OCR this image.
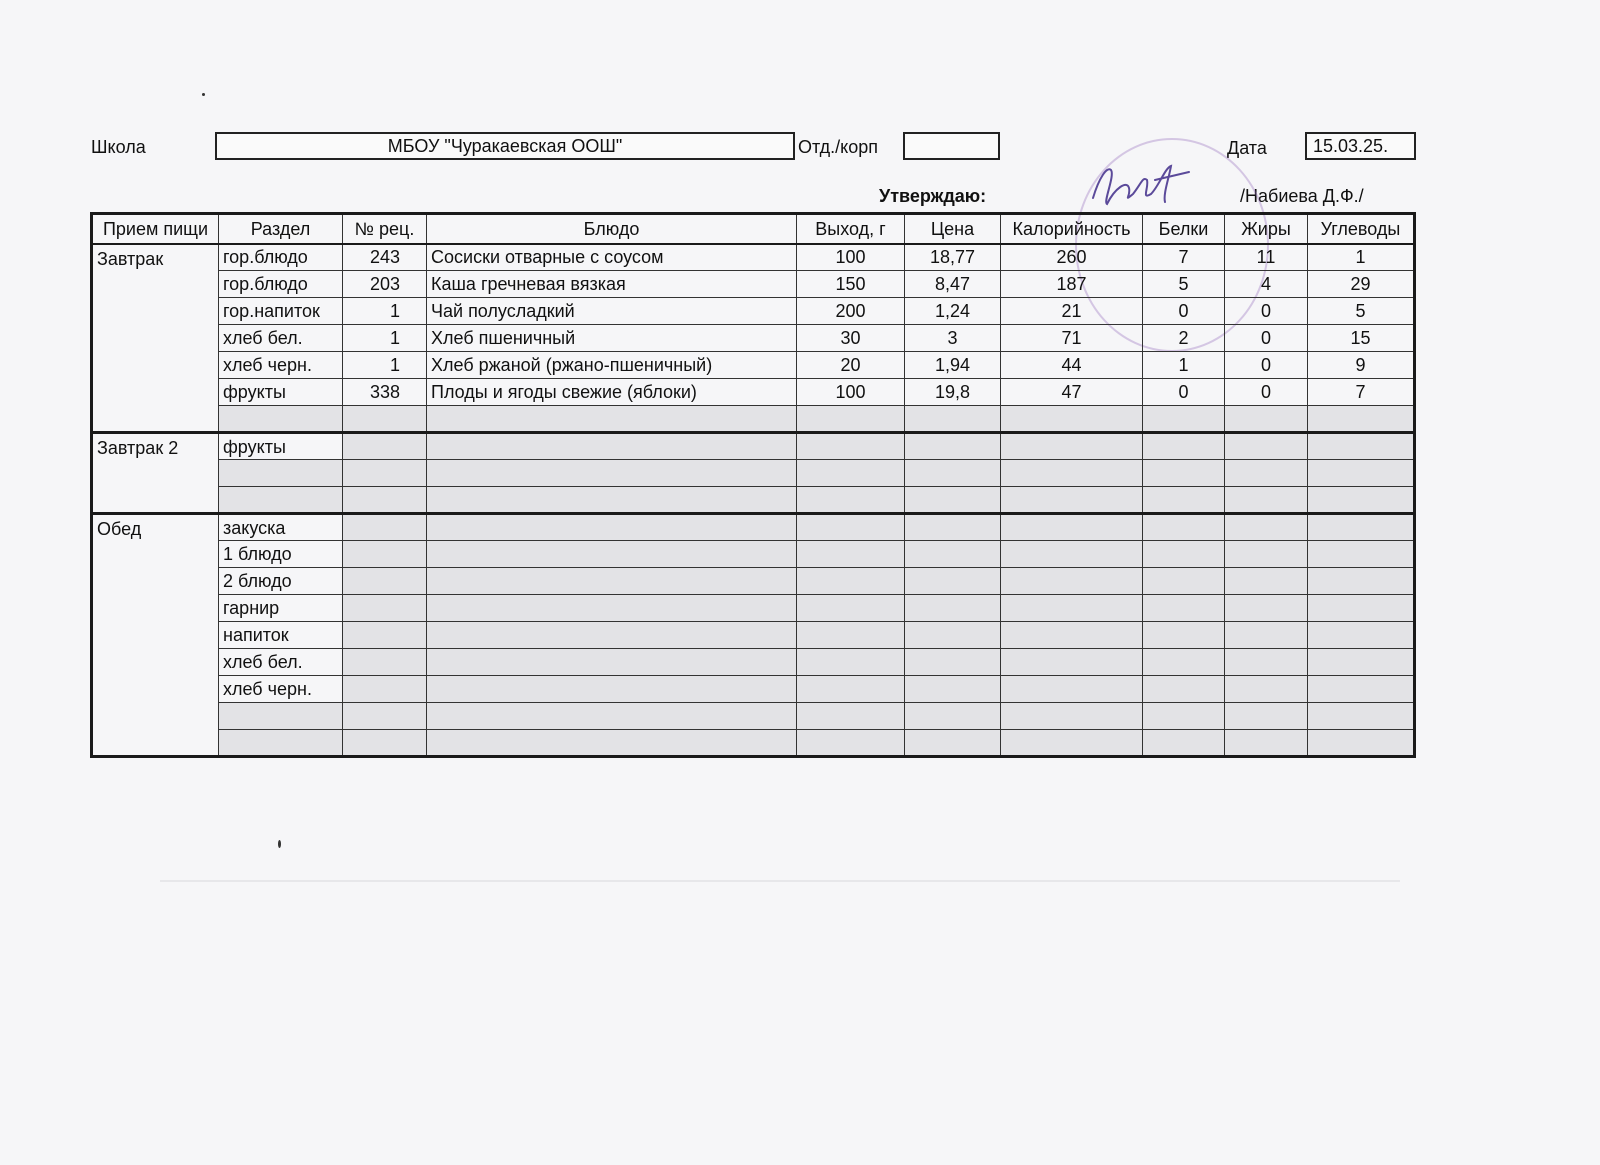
Школа	МБОУ "Чуракаевская ООШ"	Отд./корп	Дата	15.03.25.
Утверждаю:	/Набиева Д.Ф./
Прием пищи	Раздел	№ рец.	Блюдо	Выход, г	Цена	Калорийность	Белки	Жиры	Углеводы
Завтрак	гор.блюдо	243	Сосиски отварные с соусом	100	18,77	260	7	11	1
	гор.блюдо	203	Каша гречневая вязкая	150	8,47	187	5	4	29
	гор.напиток	1	Чай полусладкий	200	1,24	21	0	0	5
	хлеб бел.	1	Хлеб пшеничный	30	3	71	2	0	15
	хлеб черн.	1	Хлеб ржаной (ржано-пшеничный)	20	1,94	44	1	0	9
	фрукты	338	Плоды и ягоды свежие (яблоки)	100	19,8	47	0	0	7

Завтрак 2	фрукты								

Обед	закуска								
	1 блюдо								
	2 блюдо								
	гарнир								
	напиток								
	хлеб бел.								
	хлеб черн.								
